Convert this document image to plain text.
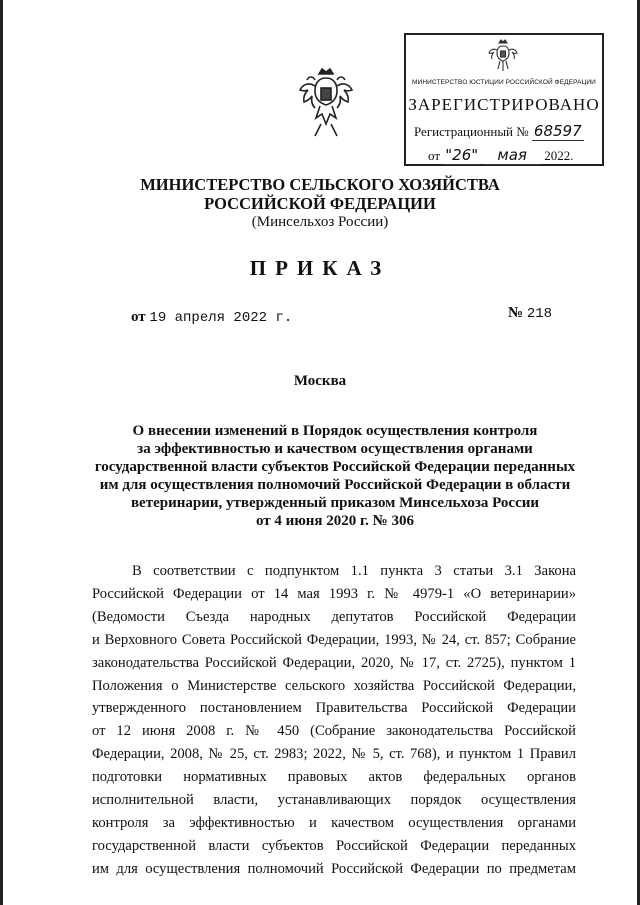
МИНИСТЕРСТВО ЮСТИЦИИ РОССИЙСКОЙ ФЕДЕРАЦИИ
ЗАРЕГИСТРИРОВАНО
Регистрационный № 68597
от "26" мая 2022.
МИНИСТЕРСТВО СЕЛЬСКОГО ХОЗЯЙСТВА
РОССИЙСКОЙ ФЕДЕРАЦИИ
(Минсельхоз России)
ПРИКАЗ
от 19 апреля 2022 г.	№ 218
Москва
О внесении изменений в Порядок осуществления контроля
за эффективностью и качеством осуществления органами
государственной власти субъектов Российской Федерации переданных
им для осуществления полномочий Российской Федерации в области
ветеринарии, утвержденный приказом Минсельхоза России
от 4 июня 2020 г. № 306
В соответствии с подпунктом 1.1 пункта 3 статьи 3.1 Закона
Российской Федерации от 14 мая 1993 г. № 4979-1 «О ветеринарии»
(Ведомости Съезда народных депутатов Российской Федерации
и Верховного Совета Российской Федерации, 1993, № 24, ст. 857; Собрание
законодательства Российской Федерации, 2020, № 17, ст. 2725), пунктом 1
Положения о Министерстве сельского хозяйства Российской Федерации,
утвержденного постановлением Правительства Российской Федерации
от 12 июня 2008 г. № 450 (Собрание законодательства Российской
Федерации, 2008, № 25, ст. 2983; 2022, № 5, ст. 768), и пунктом 1 Правил
подготовки нормативных правовых актов федеральных органов
исполнительной власти, устанавливающих порядок осуществления
контроля за эффективностью и качеством осуществления органами
государственной власти субъектов Российской Федерации переданных
им для осуществления полномочий Российской Федерации по предметам
